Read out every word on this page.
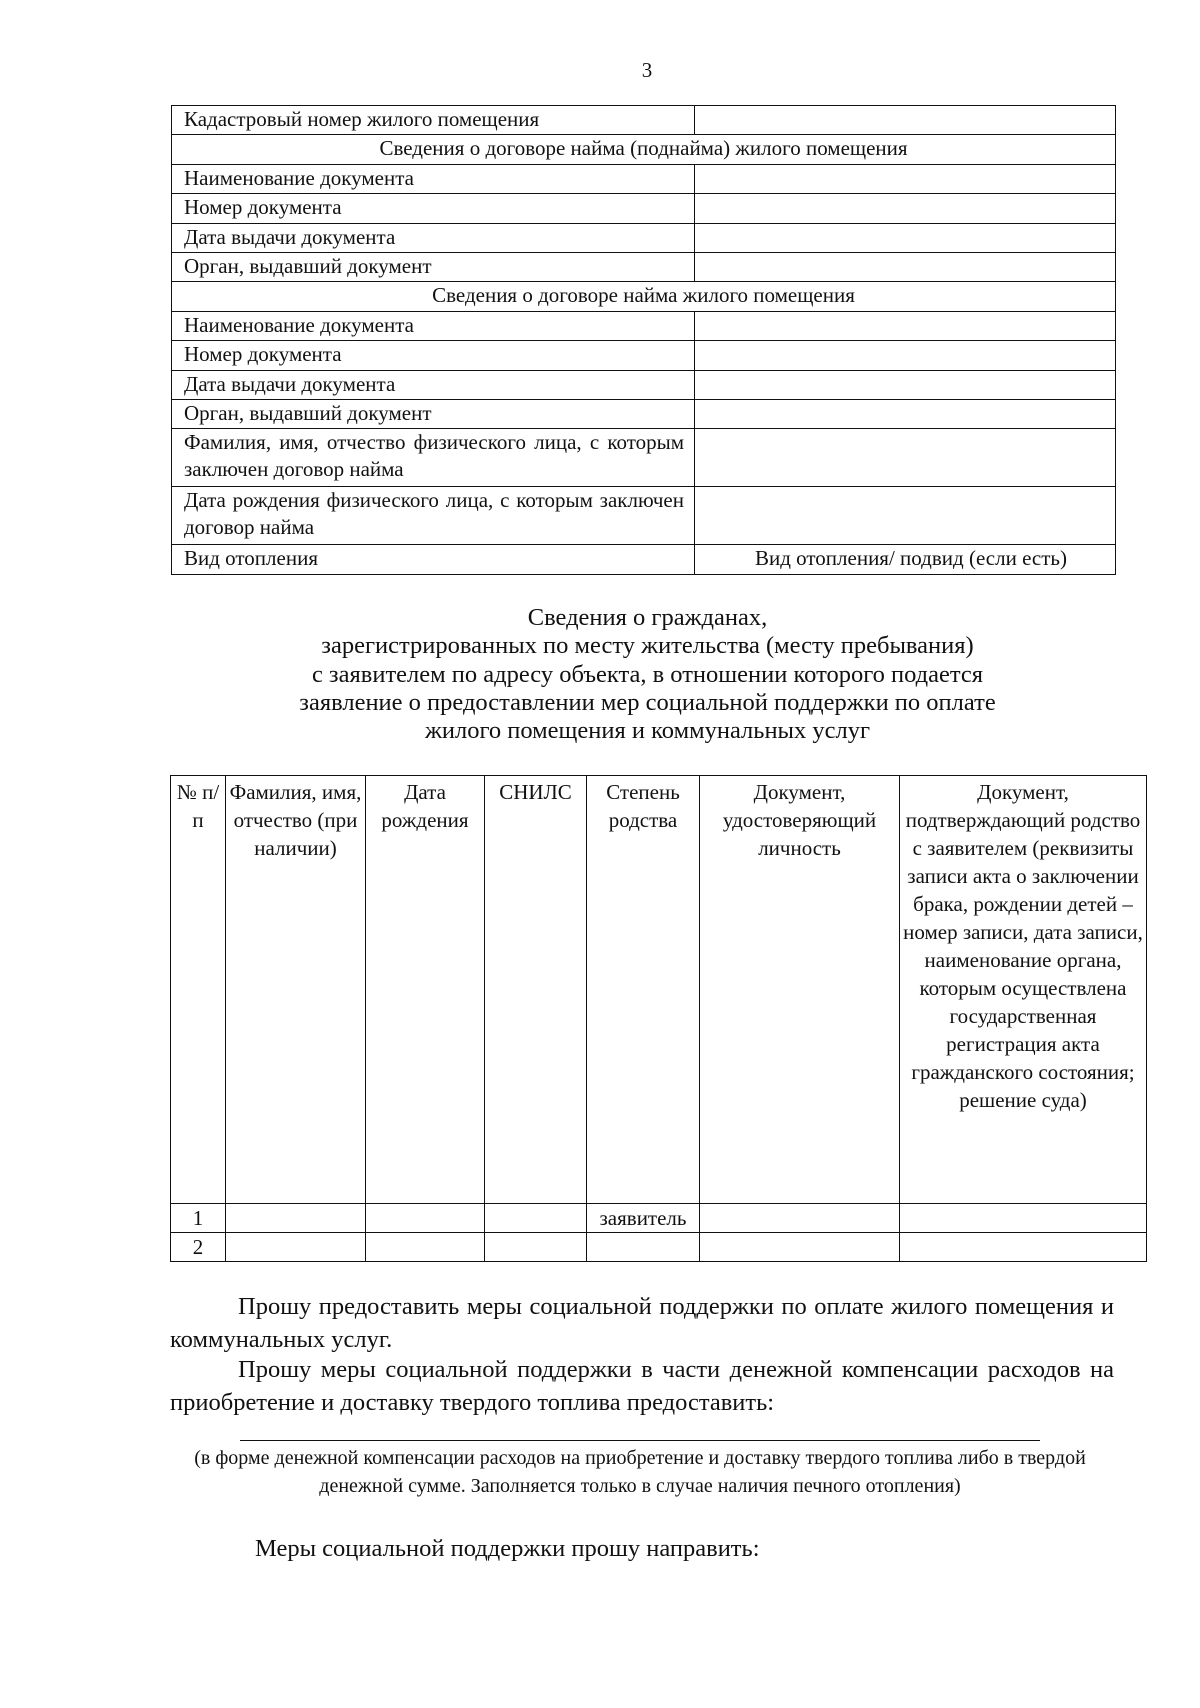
3
Кадастровый номер жилого помещения	
Сведения о договоре найма (поднайма) жилого помещения	
Наименование документа	
Номер документа	
Дата выдачи документа	
Орган, выдавший документ	
Сведения о договоре найма жилого помещения	
Наименование документа	
Номер документа	
Дата выдачи документа	
Орган, выдавший документ	
Фамилия, имя, отчество физического лица, с которым заключен договор найма	
Дата рождения физического лица, с которым заключен договор найма	
Вид отопления	Вид отопления/ подвид (если есть)
Сведения о гражданах,
зарегистрированных по месту жительства (месту пребывания)
с заявителем по адресу объекта, в отношении которого подается
заявление о предоставлении мер социальной поддержки по оплате
жилого помещения и коммунальных услуг
№ п/п	Фамилия, имя, отчество (при наличии)	Дата рождения	СНИЛС	Степень родства	Документ, удостоверяющий личность	Документ, подтверждающий родство с заявителем (реквизиты записи акта о заключении брака, рождении детей – номер записи, дата записи, наименование органа, которым осуществлена государственная регистрация акта гражданского состояния; решение суда)
1				заявитель		
2						
Прошу предоставить меры социальной поддержки по оплате жилого помещения и коммунальных услуг.
Прошу меры социальной поддержки в части денежной компенсации расходов на приобретение и доставку твердого топлива предоставить:
(в форме денежной компенсации расходов на приобретение и доставку твердого топлива либо в твердой денежной сумме. Заполняется только в случае наличия печного отопления)
Меры социальной поддержки прошу направить:
